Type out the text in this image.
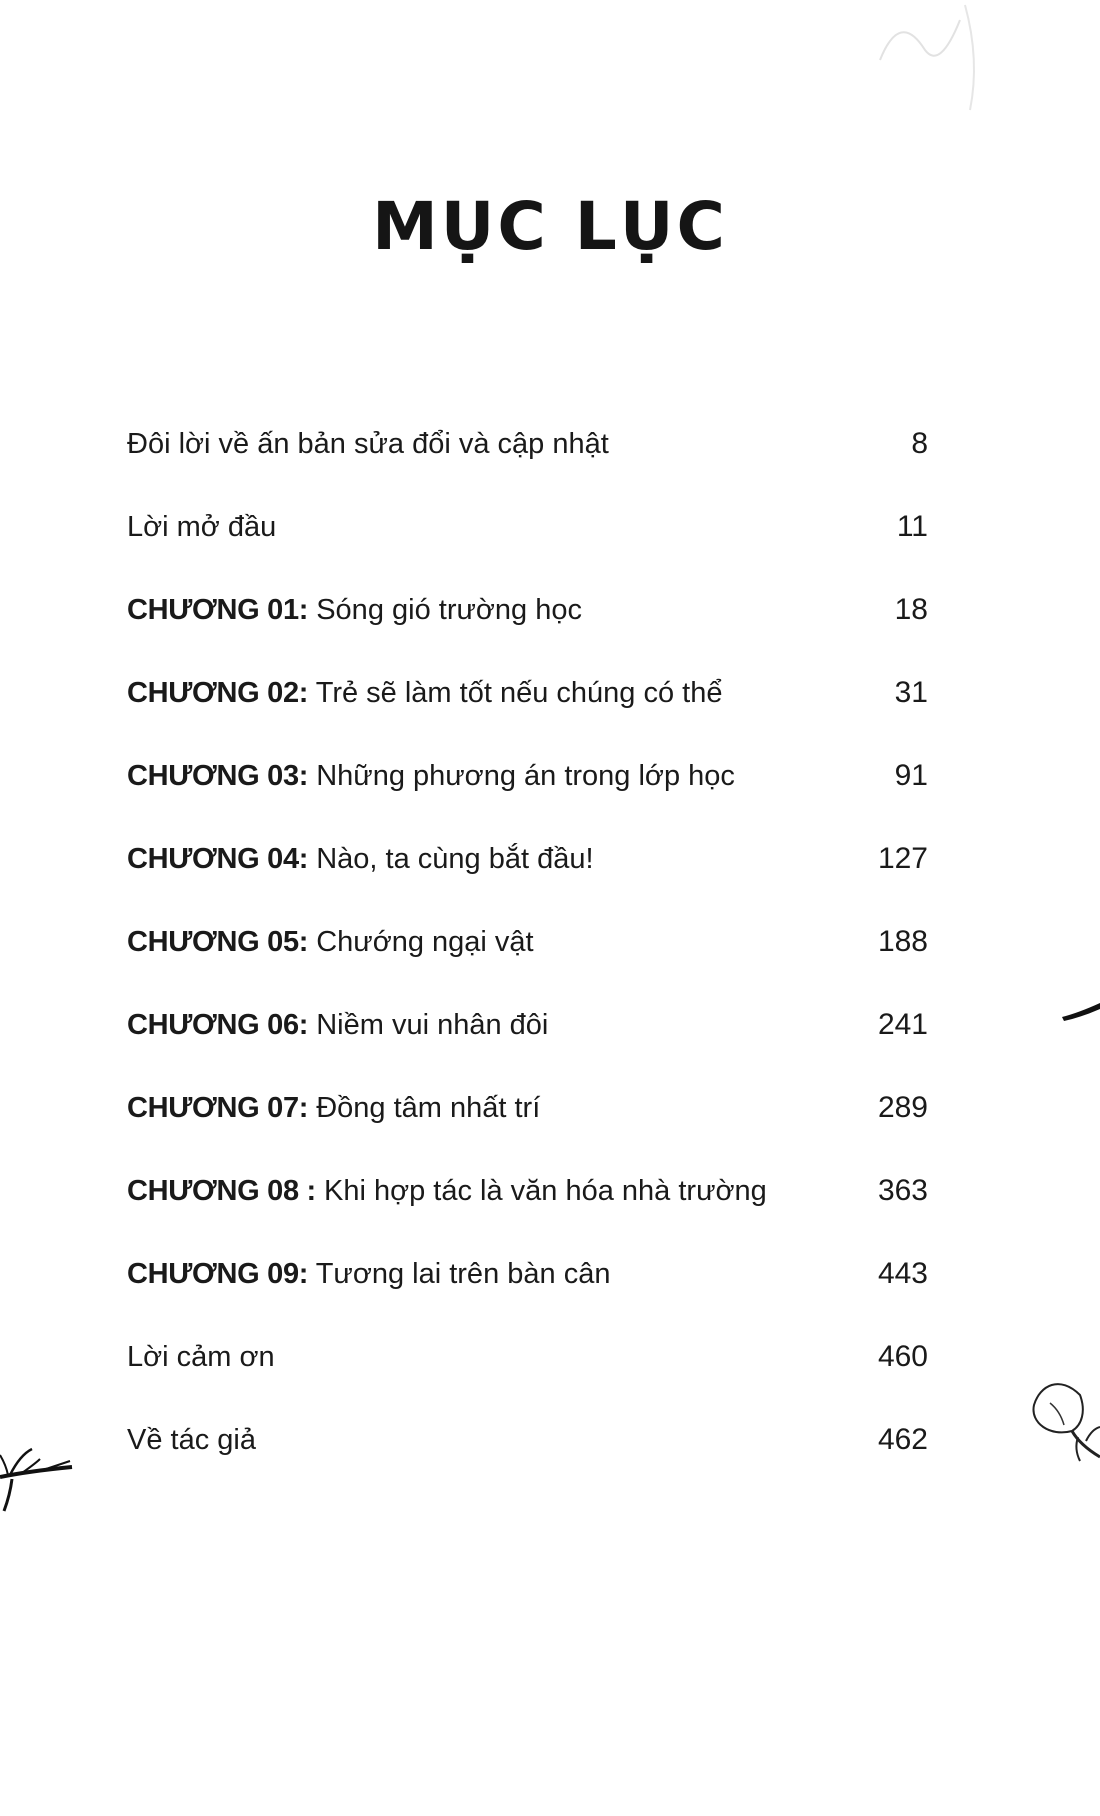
MỤC LỤC
Đôi lời về ấn bản sửa đổi và cập nhật	8
Lời mở đầu	11
CHƯƠNG 01: Sóng gió trường học	18
CHƯƠNG 02: Trẻ sẽ làm tốt nếu chúng có thể	31
CHƯƠNG 03: Những phương án trong lớp học	91
CHƯƠNG 04: Nào, ta cùng bắt đầu!	127
CHƯƠNG 05: Chướng ngại vật	188
CHƯƠNG 06: Niềm vui nhân đôi	241
CHƯƠNG 07: Đồng tâm nhất trí	289
CHƯƠNG 08 : Khi hợp tác là văn hóa nhà trường	363
CHƯƠNG 09: Tương lai trên bàn cân	443
Lời cảm ơn	460
Về tác giả	462
